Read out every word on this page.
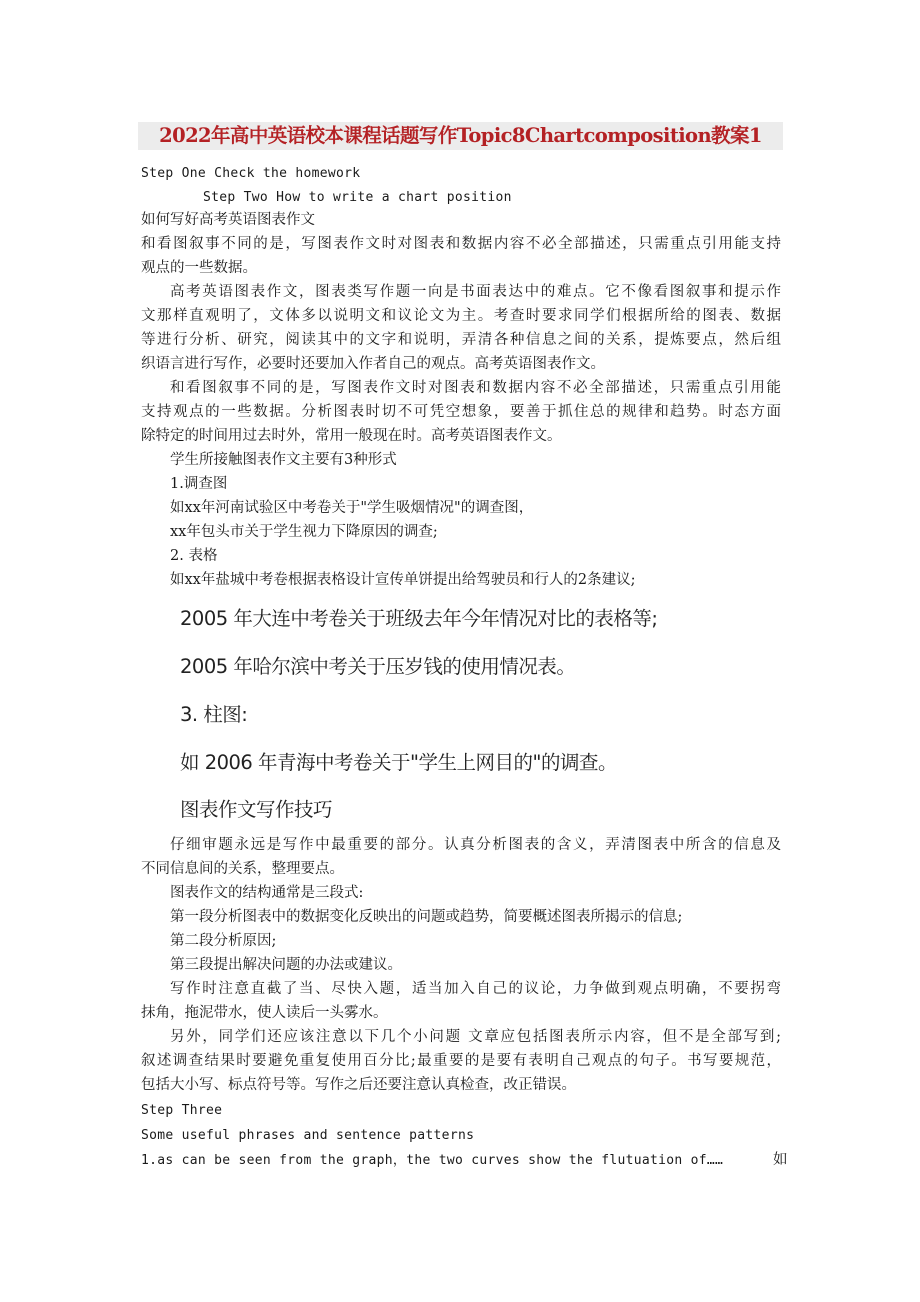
2022年高中英语校本课程话题写作Topic8Chartcomposition教案1
Step One Check the homework
Step Two How to write a chart position
如何写好高考英语图表作文
和看图叙事不同的是，写图表作文时对图表和数据内容不必全部描述，只需重点引用能支持
观点的一些数据。
高考英语图表作文，图表类写作题一向是书面表达中的难点。它不像看图叙事和提示作
文那样直观明了，文体多以说明文和议论文为主。考查时要求同学们根据所给的图表、数据
等进行分析、研究，阅读其中的文字和说明，弄清各种信息之间的关系，提炼要点，然后组
织语言进行写作，必要时还要加入作者自己的观点。高考英语图表作文。
和看图叙事不同的是，写图表作文时对图表和数据内容不必全部描述，只需重点引用能
支持观点的一些数据。分析图表时切不可凭空想象，要善于抓住总的规律和趋势。时态方面
除特定的时间用过去时外，常用一般现在时。高考英语图表作文。
学生所接触图表作文主要有3种形式
1.调查图
如xx年河南试验区中考卷关于"学生吸烟情况"的调查图，
xx年包头市关于学生视力下降原因的调查;
2. 表格
如xx年盐城中考卷根据表格设计宣传单饼提出给驾驶员和行人的2条建议;
2005 年大连中考卷关于班级去年今年情况对比的表格等;
2005 年哈尔滨中考关于压岁钱的使用情况表。
3. 柱图:
如 2006 年青海中考卷关于"学生上网目的"的调查。
图表作文写作技巧
仔细审题永远是写作中最重要的部分。认真分析图表的含义，弄清图表中所含的信息及
不同信息间的关系，整理要点。
图表作文的结构通常是三段式:
第一段分析图表中的数据变化反映出的问题或趋势，简要概述图表所揭示的信息;
第二段分析原因;
第三段提出解决问题的办法或建议。
写作时注意直截了当、尽快入题，适当加入自己的议论，力争做到观点明确，不要拐弯
抹角，拖泥带水，使人读后一头雾水。
另外，同学们还应该注意以下几个小问题 文章应包括图表所示内容，但不是全部写到;
叙述调查结果时要避免重复使用百分比;最重要的是要有表明自己观点的句子。书写要规范，
包括大小写、标点符号等。写作之后还要注意认真检查，改正错误。
Step Three
Some useful phrases and sentence patterns
1.as can be seen from the graph，the two curves show the flutuation of……	如
